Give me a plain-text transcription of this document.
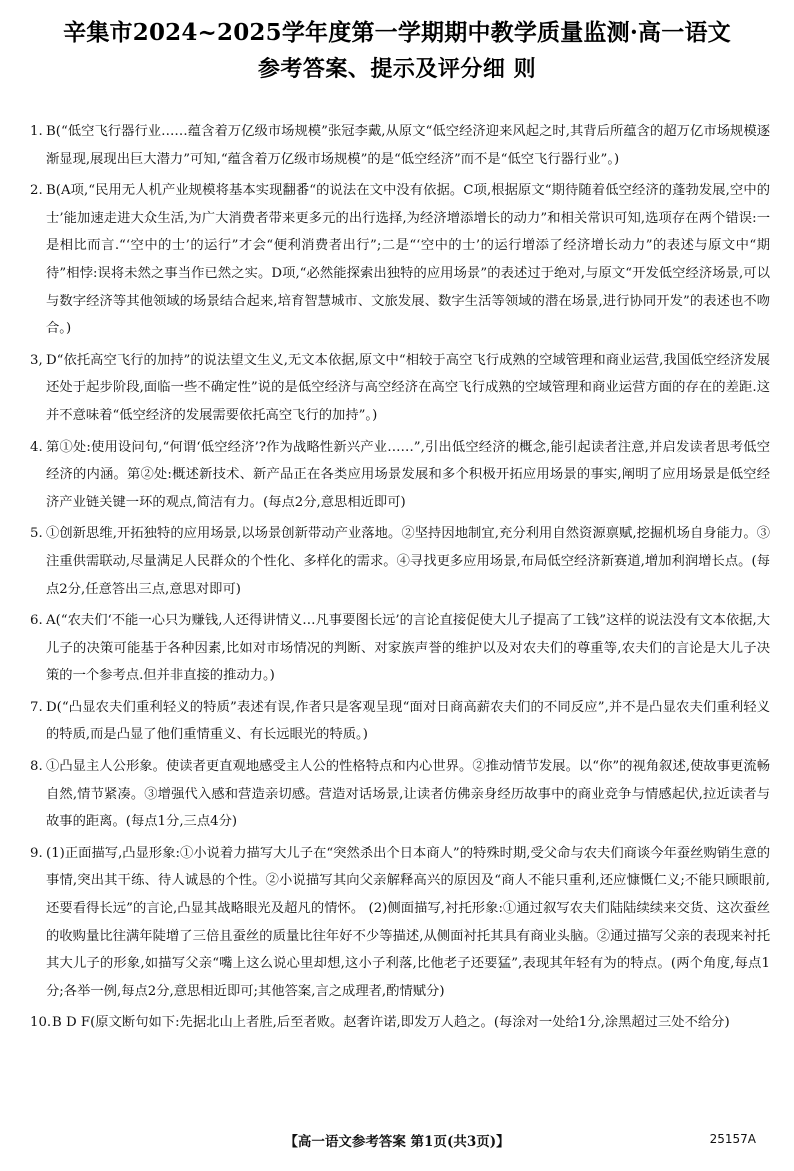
辛集市2024~2025学年度第一学期期中教学质量监测·高一语文
参考答案、提示及评分细 则
1. B(“低空飞行器行业……蕴含着万亿级市场规模”张冠李戴,从原文“低空经济迎来风起之时,其背后所蕴含的超万亿市场规模逐渐显现,展现出巨大潜力”可知,“蕴含着万亿级市场规模”的是“低空经济”而不是“低空飞行器行业”。)
2. B(A项,“民用无人机产业规模将基本实现翻番“的说法在文中没有依据。C项,根据原文“期待随着低空经济的蓬勃发展,空中的士’能加速走进大众生活,为广大消费者带来更多元的出行选择,为经济增添增长的动力”和相关常识可知,选项存在两个错误:一是相比而言.“‘空中的士’的运行”才会“便利消费者出行”;二是“‘空中的士’的运行增添了经济增长动力”的表述与原文中“期待”相悖:误将未然之事当作已然之实。D项,“必然能探索出独特的应用场景”的表述过于绝对,与原文“开发低空经济场景,可以与数字经济等其他领域的场景结合起来,培育智慧城市、文旅发展、数字生活等领域的潜在场景,进行协同开发”的表述也不吻合。)
3, D“依托高空飞行的加持”的说法望文生义,无文本依据,原文中“相较于高空飞行成熟的空域管理和商业运营,我国低空经济发展还处于起步阶段,面临一些不确定性”说的是低空经济与高空经济在高空飞行成熟的空域管理和商业运营方面的存在的差距.这并不意味着“低空经济的发展需要依托高空飞行的加持”。)
4. 第①处:使用设问句,“何谓‘低空经济’?作为战略性新兴产业……”,引出低空经济的概念,能引起读者注意,并启发读者思考低空经济的内涵。第②处:概述新技术、新产品正在各类应用场景发展和多个积极开拓应用场景的事实,阐明了应用场景是低空经济产业链关键一环的观点,简洁有力。(每点2分,意思相近即可)
5. ①创新思维,开拓独特的应用场景,以场景创新带动产业落地。②坚持因地制宜,充分利用自然资源禀赋,挖掘机场自身能力。③注重供需联动,尽量满足人民群众的个性化、多样化的需求。④寻找更多应用场景,布局低空经济新赛道,增加利润增长点。(每点2分,任意答出三点,意思对即可)
6. A(“农夫们‘不能一心只为赚钱,人还得讲情义…凡事要图长远’的言论直接促使大儿子提高了工钱”这样的说法没有文本依据,大儿子的决策可能基于各种因素,比如对市场情况的判断、对家族声誉的维护以及对农夫们的尊重等,农夫们的言论是大儿子决策的一个参考点.但并非直接的推动力。)
7. D(“凸显农夫们重利轻义的特质”表述有误,作者只是客观呈现“面对日商高薪农夫们的不同反应”,并不是凸显农夫们重利轻义的特质,而是凸显了他们重情重义、有长远眼光的特质。)
8. ①凸显主人公形象。使读者更直观地感受主人公的性格特点和内心世界。②推动情节发展。以“你”的视角叙述,使故事更流畅自然,情节紧凑。③增强代入感和营造亲切感。营造对话场景,让读者仿佛亲身经历故事中的商业竞争与情感起伏,拉近读者与故事的距离。(每点1分,三点4分)
9. (1)正面描写,凸显形象:①小说着力描写大儿子在“突然杀出个日本商人”的特殊时期,受父命与农夫们商谈今年蚕丝购销生意的事情,突出其干练、待人诚恳的个性。②小说描写其向父亲解释高兴的原因及“商人不能只重利,还应慷慨仁义;不能只顾眼前,还要看得长远”的言论,凸显其战略眼光及超凡的情怀。 (2)侧面描写,衬托形象:①通过叙写农夫们陆陆续续来交货、这次蚕丝的收购量比往满年陡增了三倍且蚕丝的质量比往年好不少等描述,从侧面衬托其具有商业头脑。②通过描写父亲的表现来衬托其大儿子的形象,如描写父亲“嘴上这么说心里却想,这小子利落,比他老子还要猛”,表现其年轻有为的特点。(两个角度,每点1分;各举一例,每点2分,意思相近即可;其他答案,言之成理者,酌情赋分)
10. B D F(原文断句如下:先据北山上者胜,后至者败。赵奢许诺,即发万人趋之。(每涂对一处给1分,涂黑超过三处不给分)
【高一语文参考答案 第1页(共3页)】	25157A
